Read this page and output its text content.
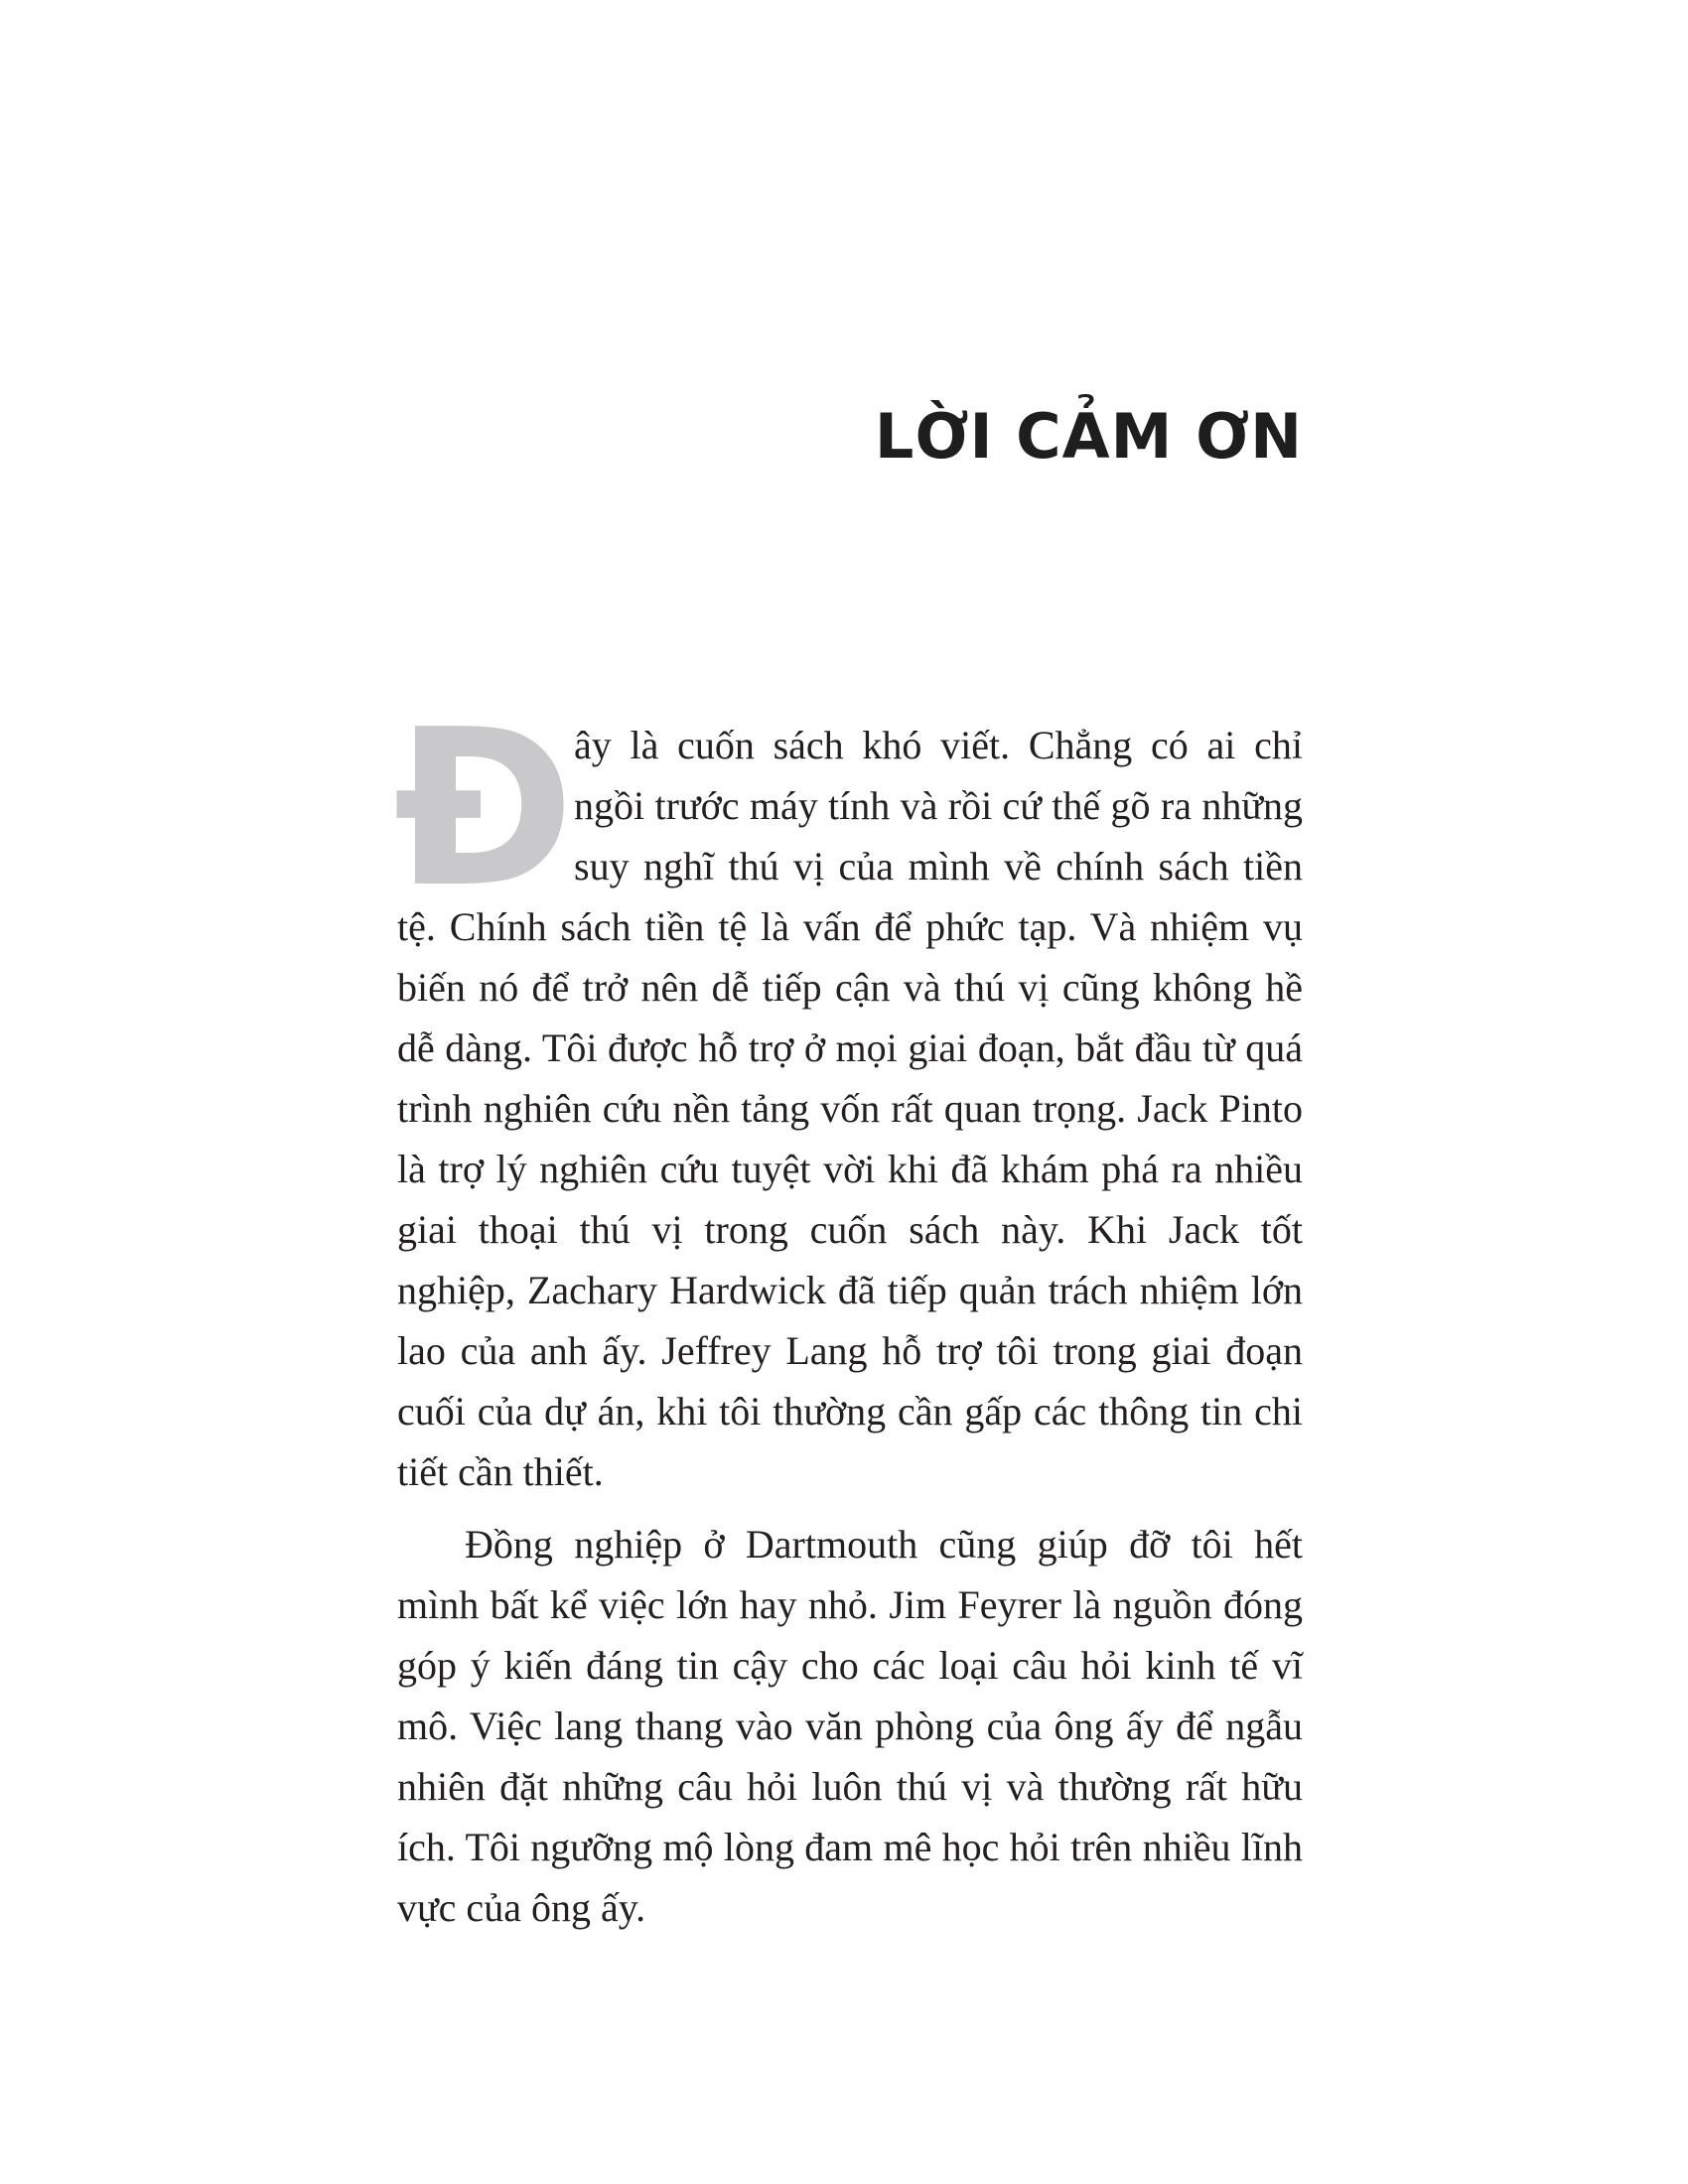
LỜI CẢM ƠN

Đây là cuốn sách khó viết. Chẳng có ai chỉ ngồi trước máy tính và rồi cứ thế gõ ra những suy nghĩ thú vị của mình về chính sách tiền tệ. Chính sách tiền tệ là vấn để phức tạp. Và nhiệm vụ biến nó để trở nên dễ tiếp cận và thú vị cũng không hề dễ dàng. Tôi được hỗ trợ ở mọi giai đoạn, bắt đầu từ quá trình nghiên cứu nền tảng vốn rất quan trọng. Jack Pinto là trợ lý nghiên cứu tuyệt vời khi đã khám phá ra nhiều giai thoại thú vị trong cuốn sách này. Khi Jack tốt nghiệp, Zachary Hardwick đã tiếp quản trách nhiệm lớn lao của anh ấy. Jeffrey Lang hỗ trợ tôi trong giai đoạn cuối của dự án, khi tôi thường cần gấp các thông tin chi tiết cần thiết.

Đồng nghiệp ở Dartmouth cũng giúp đỡ tôi hết mình bất kể việc lớn hay nhỏ. Jim Feyrer là nguồn đóng góp ý kiến đáng tin cậy cho các loại câu hỏi kinh tế vĩ mô. Việc lang thang vào văn phòng của ông ấy để ngẫu nhiên đặt những câu hỏi luôn thú vị và thường rất hữu ích. Tôi ngưỡng mộ lòng đam mê học hỏi trên nhiều lĩnh vực của ông ấy.
